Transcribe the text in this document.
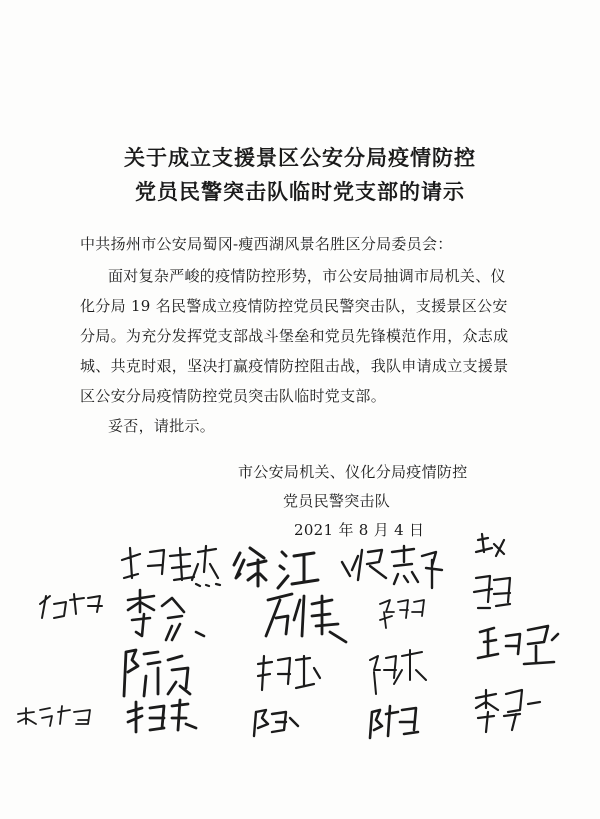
关于成立支援景区公安分局疫情防控
党员民警突击队临时党支部的请示
中共扬州市公安局蜀冈-瘦西湖风景名胜区分局委员会：
面对复杂严峻的疫情防控形势，市公安局抽调市局机关、仪
化分局 19 名民警成立疫情防控党员民警突击队，支援景区公安
分局。为充分发挥党支部战斗堡垒和党员先锋模范作用，众志成
城、共克时艰，坚决打赢疫情防控阻击战，我队申请成立支援景
区公安分局疫情防控党员突击队临时党支部。
妥否，请批示。
市公安局机关、仪化分局疫情防控
党员民警突击队
2021 年 8 月 4 日
